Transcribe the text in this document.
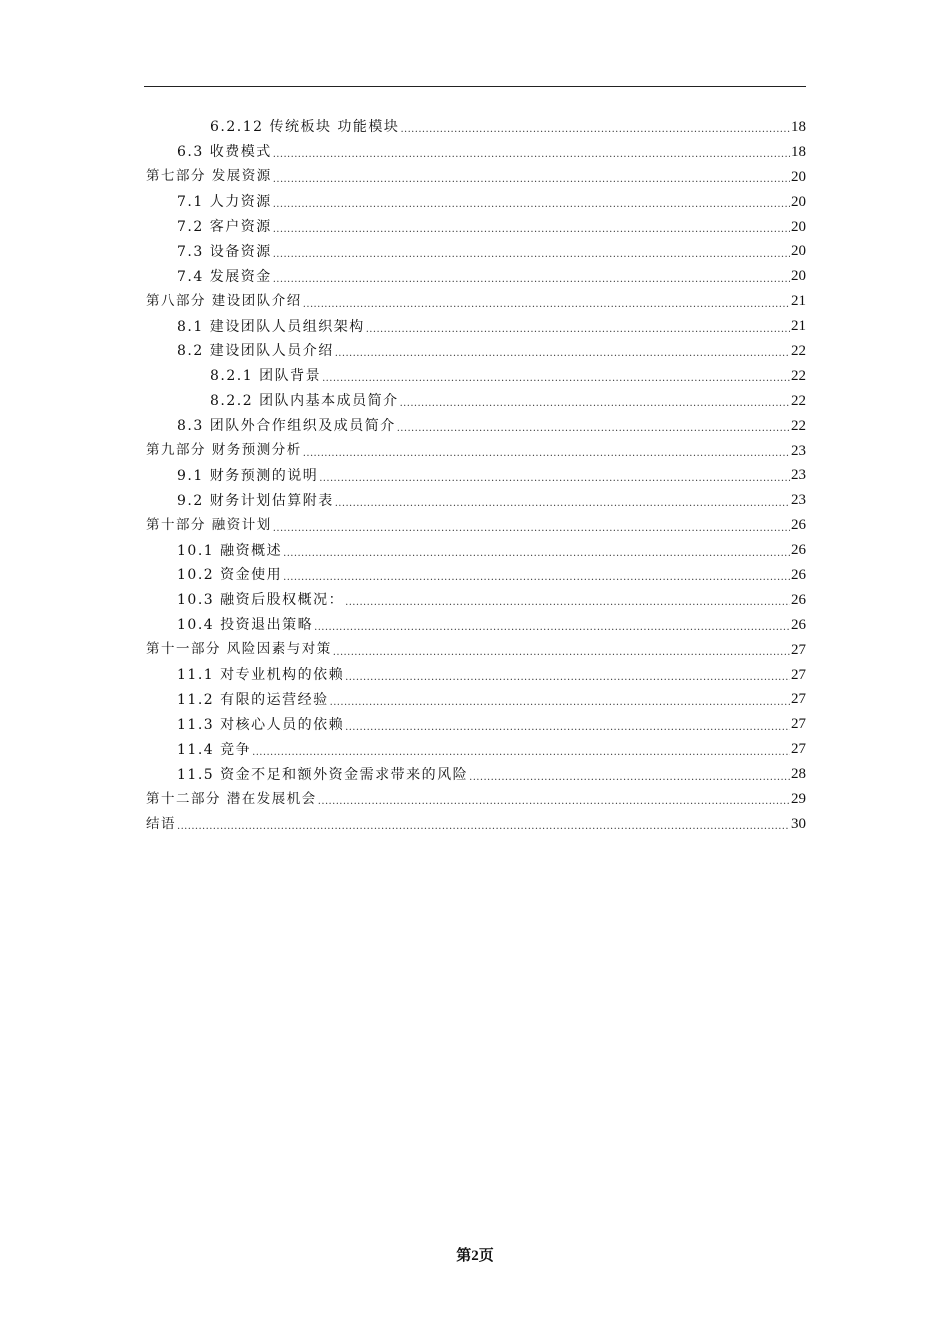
6.2.12 传统板块 功能模块 .....	18
6.3 收费模式 .....	18
第七部分 发展资源 .....	20
7.1 人力资源 .....	20
7.2 客户资源 .....	20
7.3 设备资源 .....	20
7.4 发展资金 .....	20
第八部分 建设团队介绍 .....	21
8.1 建设团队人员组织架构 .....	21
8.2 建设团队人员介绍 .....	22
8.2.1 团队背景 .....	22
8.2.2 团队内基本成员简介 .....	22
8.3 团队外合作组织及成员简介 .....	22
第九部分 财务预测分析 .....	23
9.1 财务预测的说明 .....	23
9.2 财务计划估算附表 .....	23
第十部分 融资计划 .....	26
10.1 融资概述 .....	26
10.2 资金使用 .....	26
10.3 融资后股权概况： .....	26
10.4 投资退出策略 .....	26
第十一部分 风险因素与对策 .....	27
11.1 对专业机构的依赖 .....	27
11.2 有限的运营经验 .....	27
11.3 对核心人员的依赖 .....	27
11.4 竞争 .....	27
11.5 资金不足和额外资金需求带来的风险 .....	28
第十二部分 潜在发展机会 .....	29
结语 .....	30
第2页
